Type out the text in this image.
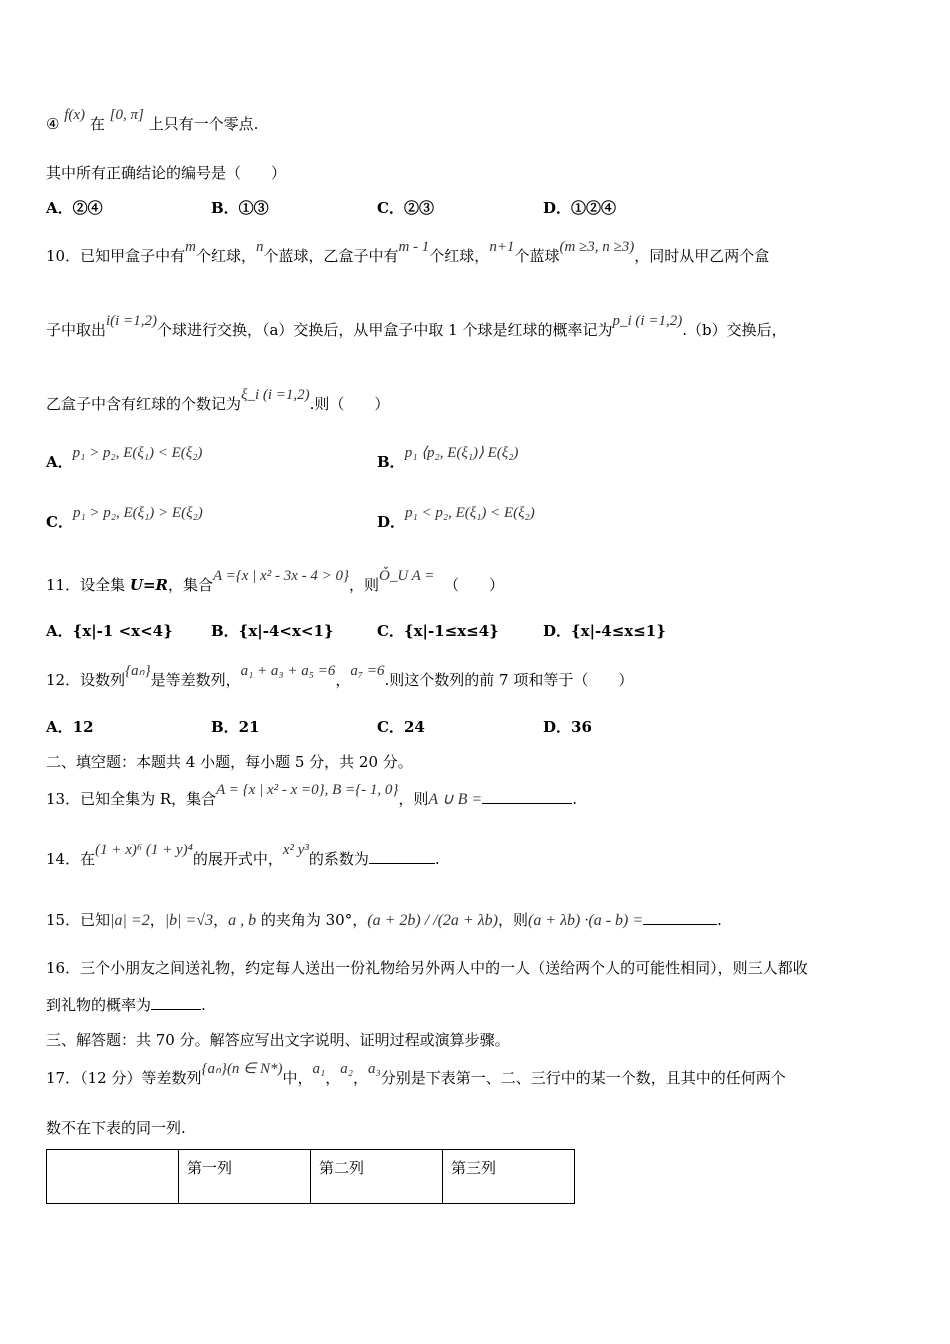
④ f(x) 在 [0, π] 上只有一个零点.
其中所有正确结论的编号是（　　）
A．②④	B．①③	C．②③	D．①②④
10．已知甲盒子中有m个红球，n个蓝球，乙盒子中有m - 1个红球，n+1个蓝球(m ≥3, n ≥3)，同时从甲乙两个盒
子中取出i(i =1,2)个球进行交换，（a）交换后，从甲盒子中取 1 个球是红球的概率记为p_i (i =1,2).（b）交换后，
乙盒子中含有红球的个数记为ξ_i (i =1,2).则（　　）
A．p₁ > p₂, E(ξ₁) < E(ξ₂)	B．p₁ ⟨p₂, E(ξ₁)⟩ E(ξ₂)
C．p₁ > p₂, E(ξ₁) > E(ξ₂)	D．p₁ < p₂, E(ξ₁) < E(ξ₂)
11．设全集 U=R，集合A ={x | x² - 3x - 4 > 0}，则Ǒ_U A = （　　）
A．{x|-1 <x<4}	B．{x|-4<x<1}	C．{x|-1≤x≤4}	D．{x|-4≤x≤1}
12．设数列{aₙ}是等差数列，a₁ + a₃ + a₅ =6，a₇ =6.则这个数列的前 7 项和等于（　　）
A．12	B．21	C．24	D．36
二、填空题：本题共 4 小题，每小题 5 分，共 20 分。
13．已知全集为 R，集合A = {x | x² - x =0}, B ={- 1, 0}，则A ∪ B =	.
14．在(1 + x)⁶ (1 + y)⁴的展开式中，x² y³的系数为	.
15．已知|a| =2，|b| =√3，a , b 的夹角为 30°，(a + 2b) / /(2a + λb)，则(a + λb) ·(a - b) =	.
16．三个小朋友之间送礼物，约定每人送出一份礼物给另外两人中的一人（送给两个人的可能性相同），则三人都收
到礼物的概率为	.
三、解答题：共 70 分。解答应写出文字说明、证明过程或演算步骤。
17．（12 分）等差数列{aₙ}(n ∈ N*)中，a₁，a₂，a₃分别是下表第一、二、三行中的某一个数，且其中的任何两个
数不在下表的同一列.
	第一列	第二列	第三列
